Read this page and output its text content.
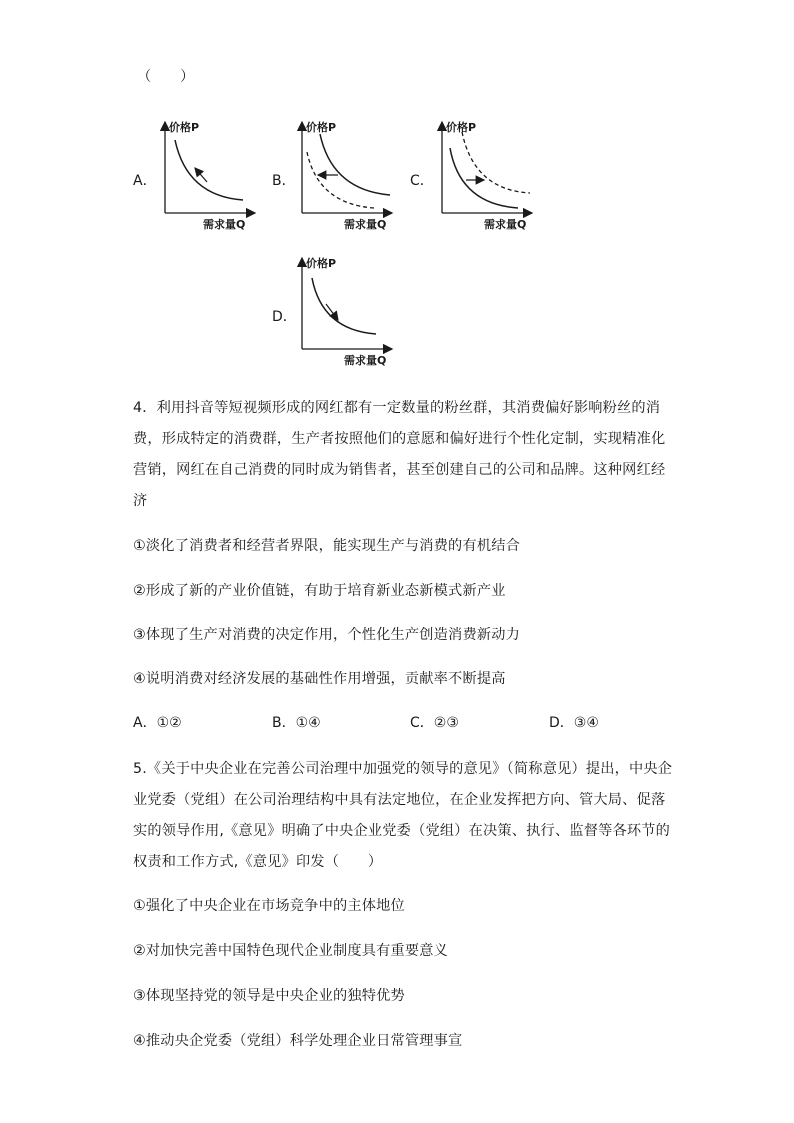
（　　）
A．
价格P
需求量Q
B．
价格P
需求量Q
C．
价格P
需求量Q
D．
价格P
需求量Q
4．利用抖音等短视频形成的网红都有一定数量的粉丝群，其消费偏好影响粉丝的消
费，形成特定的消费群，生产者按照他们的意愿和偏好进行个性化定制，实现精准化
营销，网红在自己消费的同时成为销售者，甚至创建自己的公司和品牌。这种网红经
济
①淡化了消费者和经营者界限，能实现生产与消费的有机结合
②形成了新的产业价值链，有助于培育新业态新模式新产业
③体现了生产对消费的决定作用，个性化生产创造消费新动力
④说明消费对经济发展的基础性作用增强，贡献率不断提高
A．①②	B．①④	C．②③	D．③④
5.《关于中央企业在完善公司治理中加强党的领导的意见》（简称意见）提出，中央企
业党委（党组）在公司治理结构中具有法定地位，在企业发挥把方向、管大局、促落
实的领导作用,《意见》明确了中央企业党委（党组）在决策、执行、监督等各环节的
权责和工作方式,《意见》印发（　　）
①强化了中央企业在市场竞争中的主体地位
②对加快完善中国特色现代企业制度具有重要意义
③体现坚持党的领导是中央企业的独特优势
④推动央企党委（党组）科学处理企业日常管理事宣
